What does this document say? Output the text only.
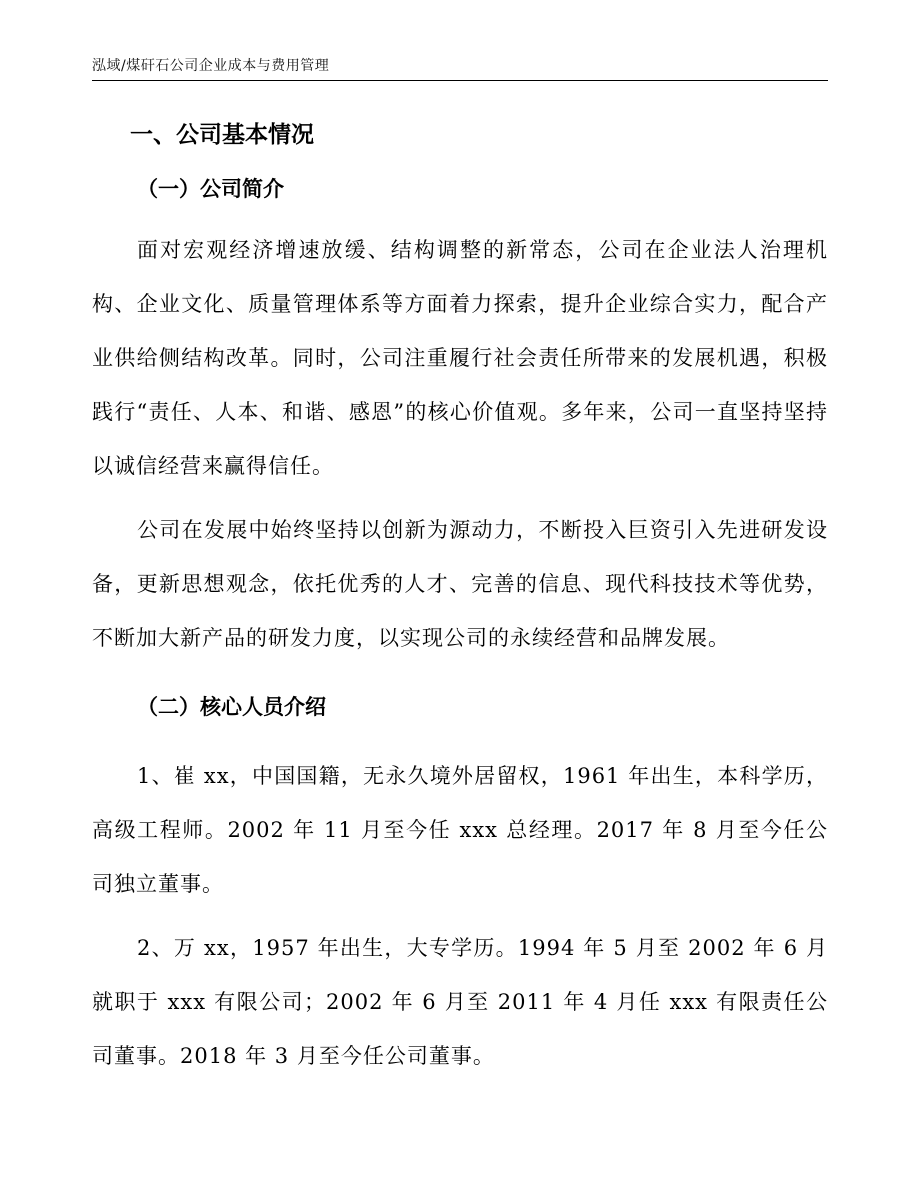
泓域/煤矸石公司企业成本与费用管理
一、公司基本情况
（一）公司简介

面对宏观经济增速放缓、结构调整的新常态，公司在企业法人治理机构、企业文化、质量管理体系等方面着力探索，提升企业综合实力，配合产业供给侧结构改革。同时，公司注重履行社会责任所带来的发展机遇，积极践行“责任、人本、和谐、感恩”的核心价值观。多年来，公司一直坚持坚持以诚信经营来赢得信任。

公司在发展中始终坚持以创新为源动力，不断投入巨资引入先进研发设备，更新思想观念，依托优秀的人才、完善的信息、现代科技技术等优势，不断加大新产品的研发力度，以实现公司的永续经营和品牌发展。

（二）核心人员介绍

1、崔 xx，中国国籍，无永久境外居留权，1961 年出生，本科学历，高级工程师。2002 年 11 月至今任 xxx 总经理。2017 年 8 月至今任公司独立董事。

2、万 xx，1957 年出生，大专学历。1994 年 5 月至 2002 年 6 月就职于 xxx 有限公司；2002 年 6 月至 2011 年 4 月任 xxx 有限责任公司董事。2018 年 3 月至今任公司董事。
